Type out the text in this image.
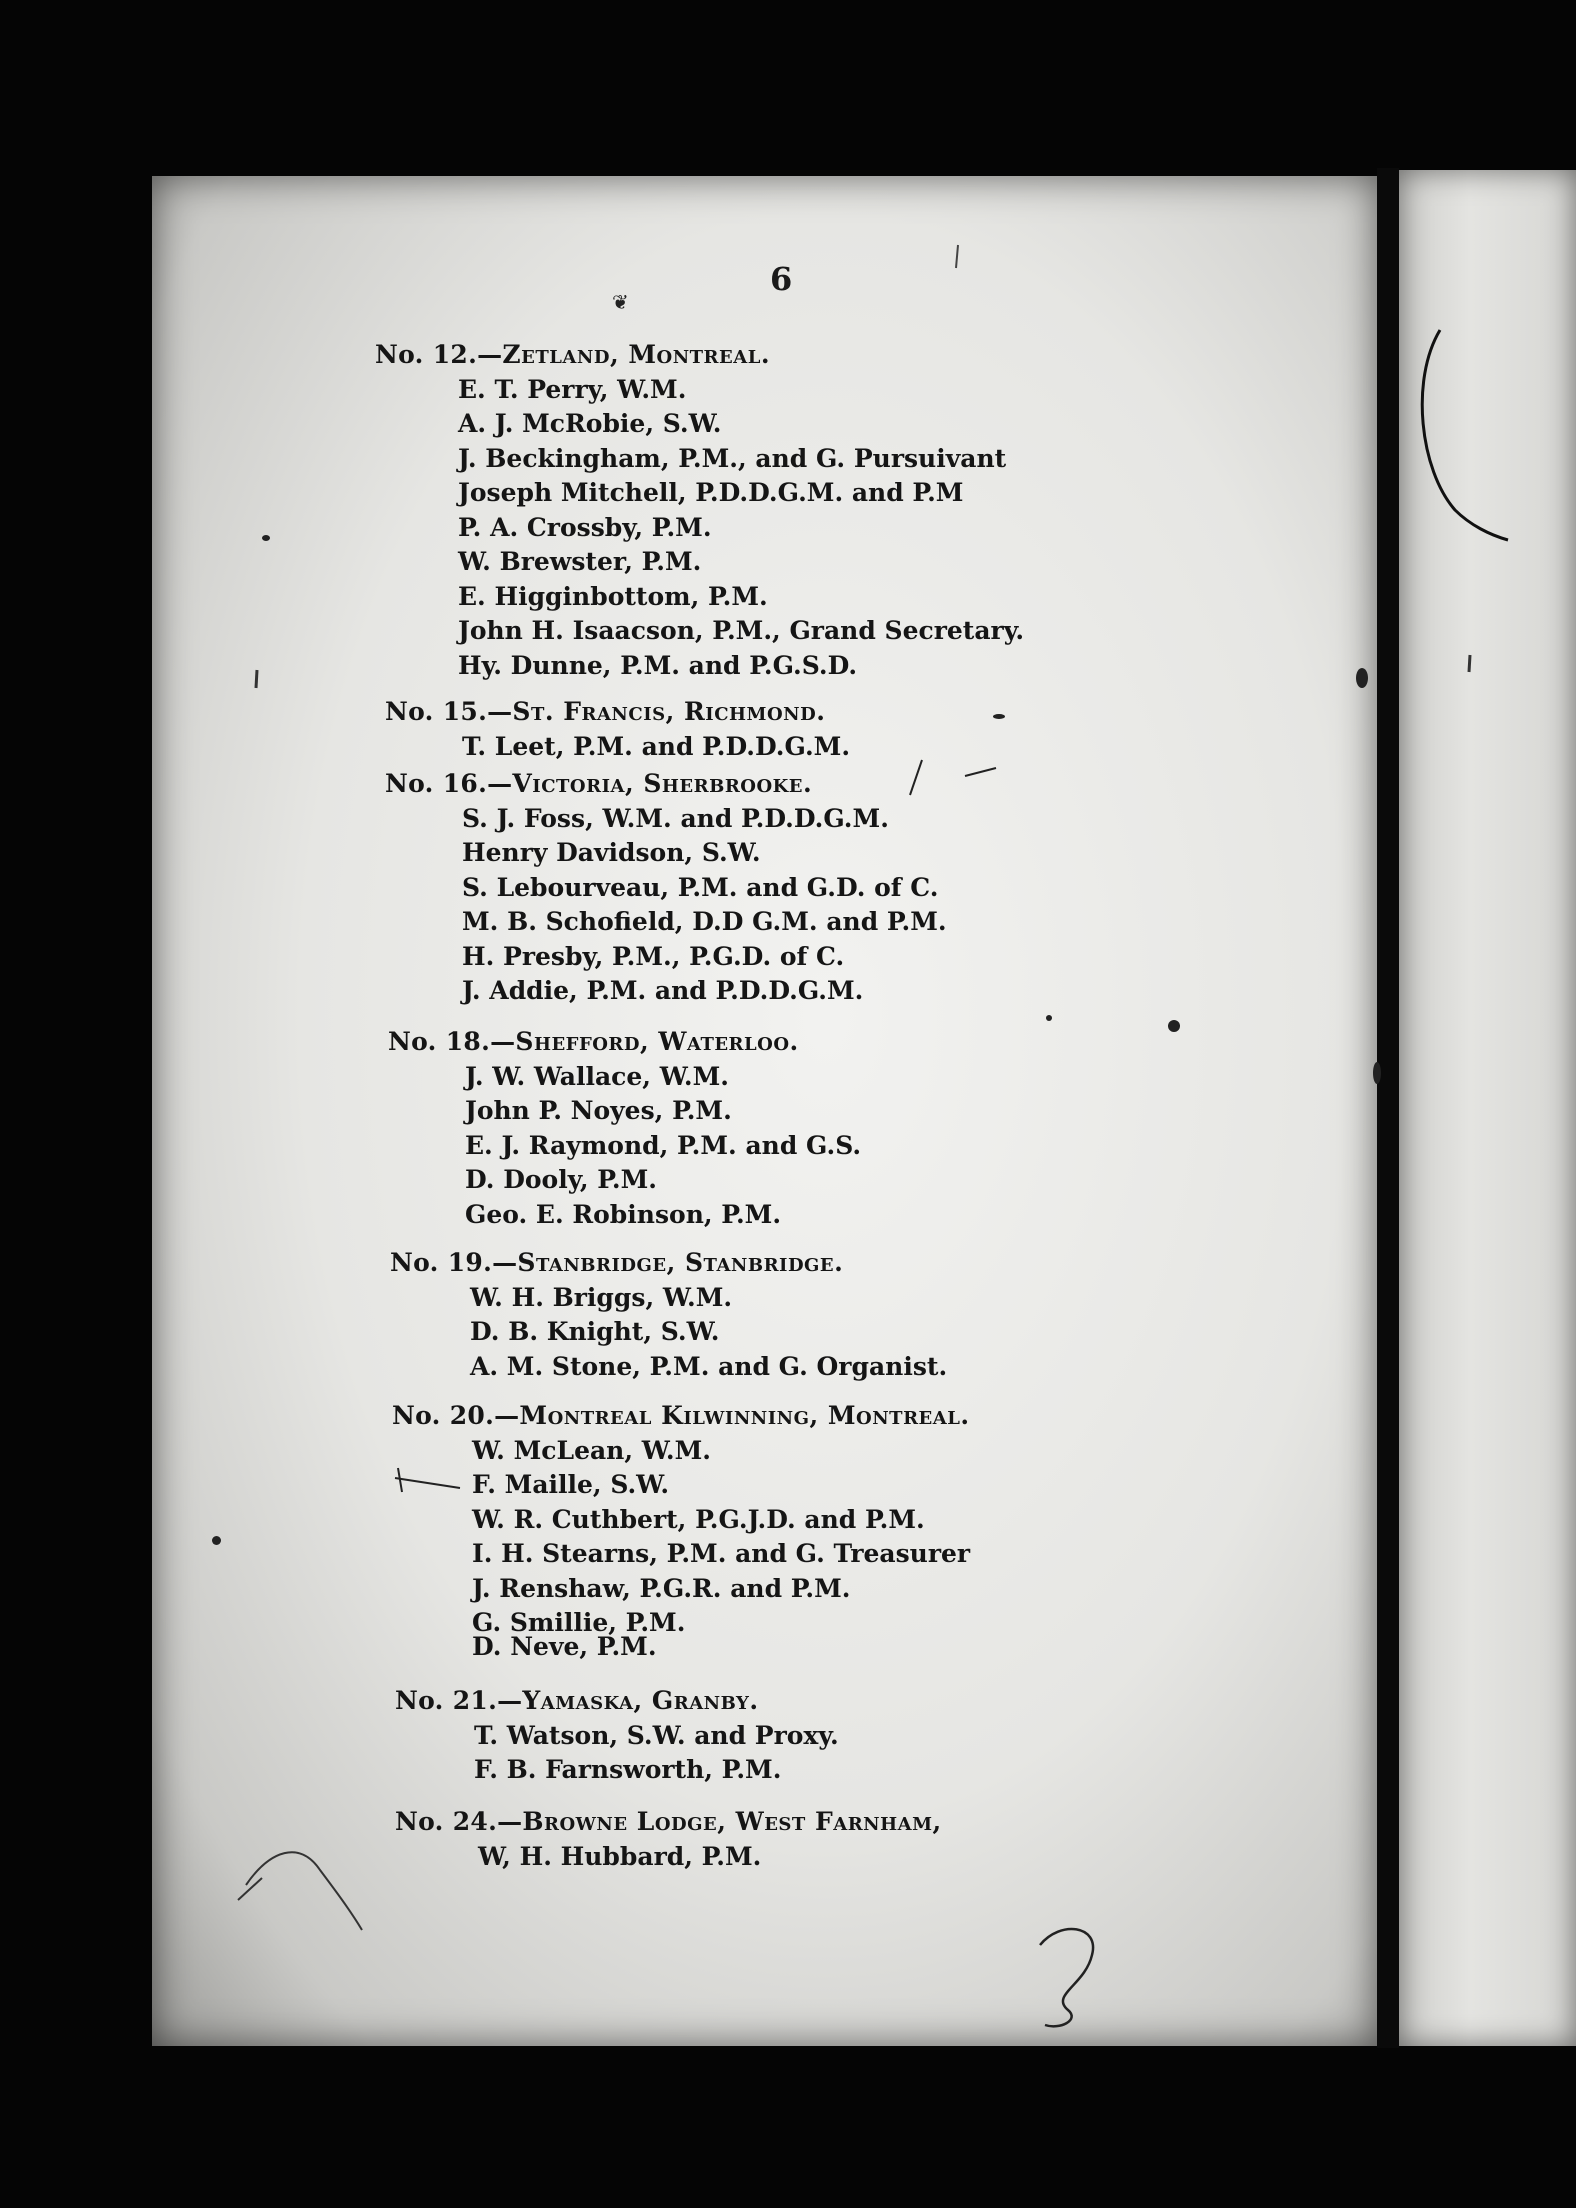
❦
6
No. 12.—Zetland, Montreal.
E. T. Perry, W.M.
A. J. McRobie, S.W.
J. Beckingham, P.M., and G. Pursuivant
Joseph Mitchell, P.D.D.G.M. and P.M
P. A. Crossby, P.M.
W. Brewster, P.M.
E. Higginbottom, P.M.
John H. Isaacson, P.M., Grand Secretary.
Hy. Dunne, P.M. and P.G.S.D.
No. 15.—St. Francis, Richmond.
T. Leet, P.M. and P.D.D.G.M.
No. 16.—Victoria, Sherbrooke.
S. J. Foss, W.M. and P.D.D.G.M.
Henry Davidson, S.W.
S. Lebourveau, P.M. and G.D. of C.
M. B. Schofield, D.D G.M. and P.M.
H. Presby, P.M., P.G.D. of C.
J. Addie, P.M. and P.D.D.G.M.
No. 18.—Shefford, Waterloo.
J. W. Wallace, W.M.
John P. Noyes, P.M.
E. J. Raymond, P.M. and G.S.
D. Dooly, P.M.
Geo. E. Robinson, P.M.
No. 19.—Stanbridge, Stanbridge.
W. H. Briggs, W.M.
D. B. Knight, S.W.
A. M. Stone, P.M. and G. Organist.
No. 20.—Montreal Kilwinning, Montreal.
W. McLean, W.M.
F. Maille, S.W.
W. R. Cuthbert, P.G.J.D. and P.M.
I. H. Stearns, P.M. and G. Treasurer
J. Renshaw, P.G.R. and P.M.
G. Smillie, P.M.
D. Neve, P.M.
No. 21.—Yamaska, Granby.
T. Watson, S.W. and Proxy.
F. B. Farnsworth, P.M.
No. 24.—Browne Lodge, West Farnham,
W, H. Hubbard, P.M.
